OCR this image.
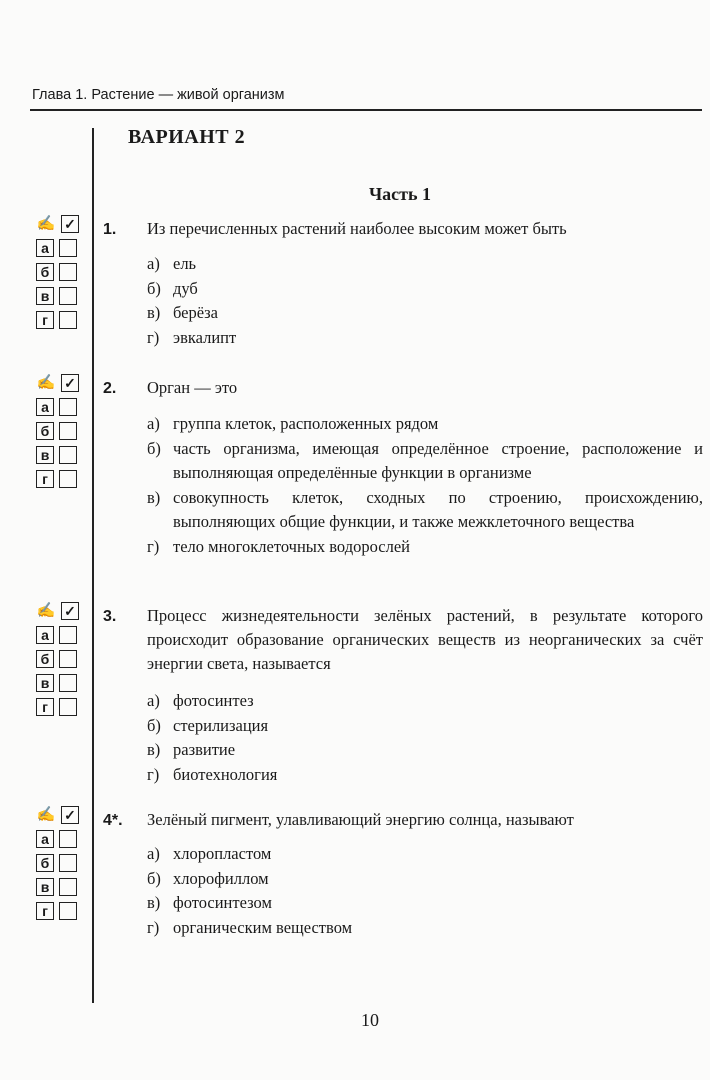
Глава 1. Растение — живой организм
ВАРИАНТ 2
Часть 1
✍ ✓
а
б
в
г
1. Из перечисленных растений наиболее высоким может быть
а) ель
б) дуб
в) берёза
г) эвкалипт
✍ ✓
а
б
в
г
2. Орган — это
а) группа клеток, расположенных рядом
б) часть организма, имеющая определённое строение, расположение и выполняющая определённые функции в организме
в) совокупность клеток, сходных по строению, происхождению, выполняющих общие функции, и также межклеточного вещества
г) тело многоклеточных водорослей
✍ ✓
а
б
в
г
3. Процесс жизнедеятельности зелёных растений, в результате которого происходит образование органических веществ из неорганических за счёт энергии света, называется
а) фотосинтез
б) стерилизация
в) развитие
г) биотехнология
✍ ✓
а
б
в
г
4*. Зелёный пигмент, улавливающий энергию солнца, называют
а) хлоропластом
б) хлорофиллом
в) фотосинтезом
г) органическим веществом
10
